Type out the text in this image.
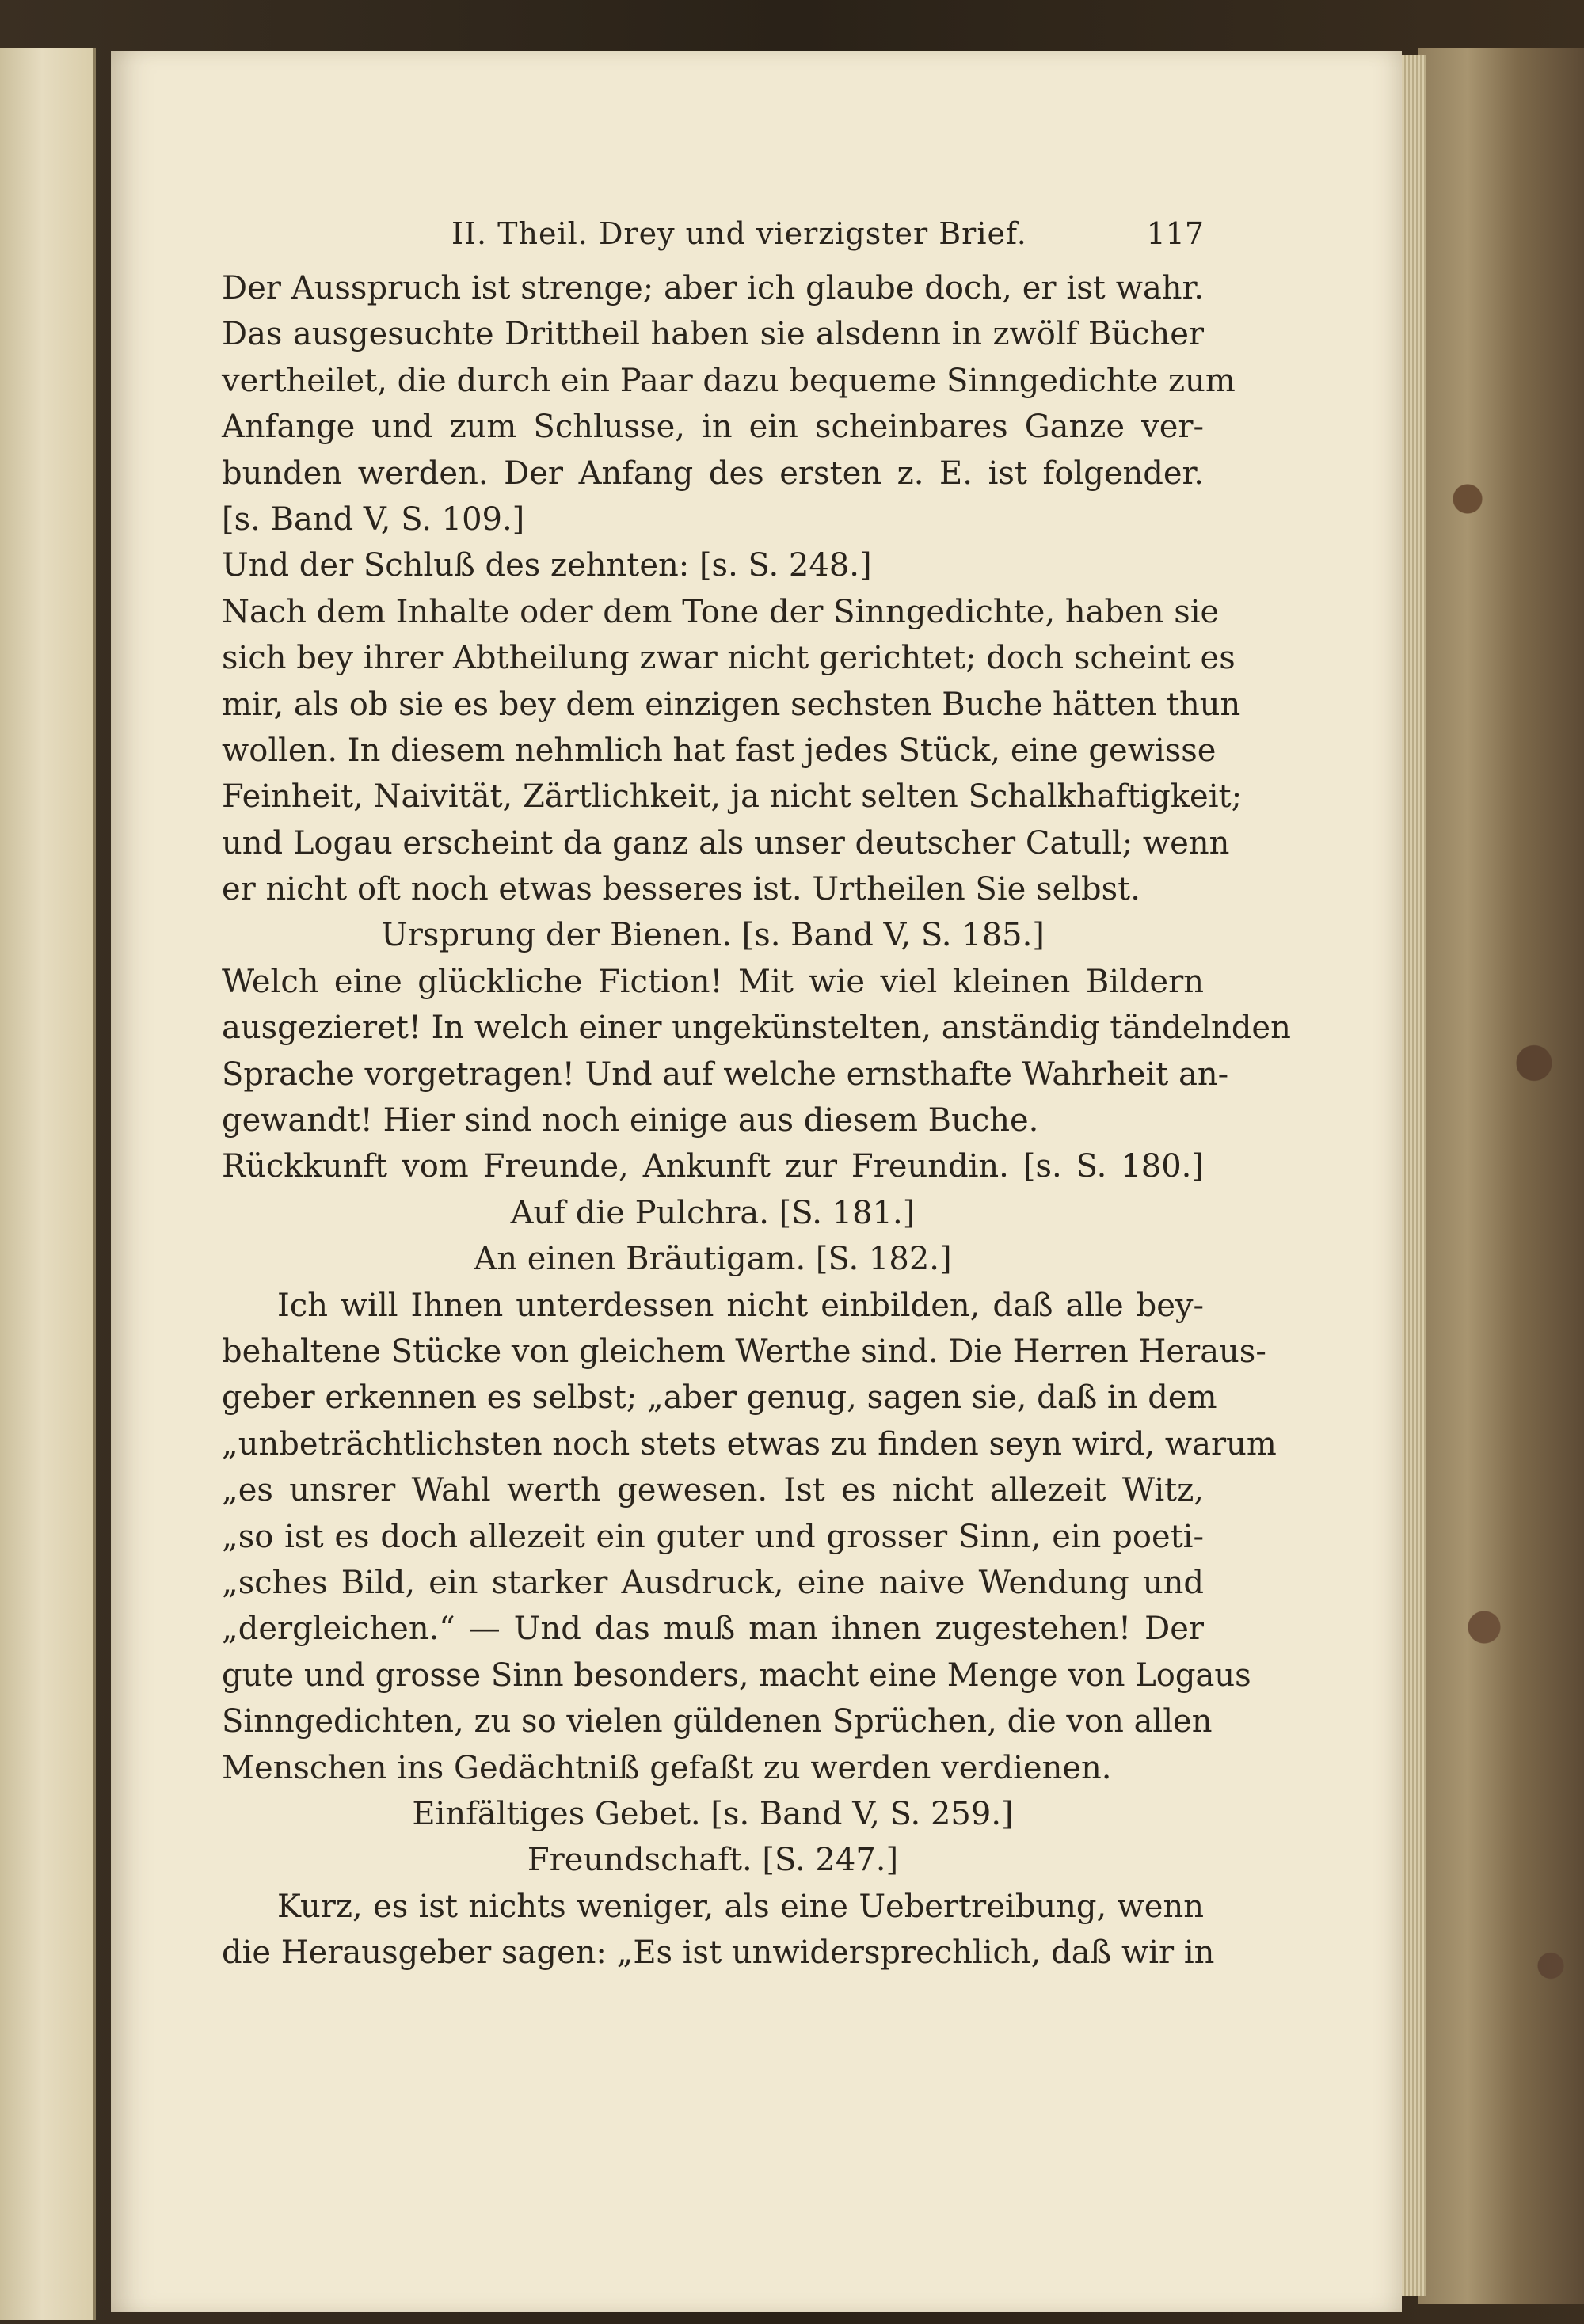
II. Theil. Drey und vierzigster Brief.	117
Der Ausspruch ist strenge; aber ich glaube doch, er ist wahr.
Das ausgesuchte Drittheil haben sie alsdenn in zwölf Bücher
vertheilet, die durch ein Paar dazu bequeme Sinngedichte zum
Anfange und zum Schlusse, in ein scheinbares Ganze ver-
bunden werden. Der Anfang des ersten z. E. ist folgender.
[s. Band V, S. 109.]
Und der Schluß des zehnten: [s. S. 248.]
Nach dem Inhalte oder dem Tone der Sinngedichte, haben sie
sich bey ihrer Abtheilung zwar nicht gerichtet; doch scheint es
mir, als ob sie es bey dem einzigen sechsten Buche hätten thun
wollen. In diesem nehmlich hat fast jedes Stück, eine gewisse
Feinheit, Naivität, Zärtlichkeit, ja nicht selten Schalkhaftigkeit;
und Logau erscheint da ganz als unser deutscher Catull; wenn
er nicht oft noch etwas besseres ist. Urtheilen Sie selbst.
Ursprung der Bienen. [s. Band V, S. 185.]
Welch eine glückliche Fiction! Mit wie viel kleinen Bildern
ausgezieret! In welch einer ungekünstelten, anständig tändelnden
Sprache vorgetragen! Und auf welche ernsthafte Wahrheit an-
gewandt! Hier sind noch einige aus diesem Buche.
Rückkunft vom Freunde, Ankunft zur Freundin. [s. S. 180.]
Auf die Pulchra. [S. 181.]
An einen Bräutigam. [S. 182.]
Ich will Ihnen unterdessen nicht einbilden, daß alle bey-
behaltene Stücke von gleichem Werthe sind. Die Herren Heraus-
geber erkennen es selbst; „aber genug, sagen sie, daß in dem
„unbeträchtlichsten noch stets etwas zu finden seyn wird, warum
„es unsrer Wahl werth gewesen. Ist es nicht allezeit Witz,
„so ist es doch allezeit ein guter und grosser Sinn, ein poeti-
„sches Bild, ein starker Ausdruck, eine naive Wendung und
„dergleichen.“ — Und das muß man ihnen zugestehen! Der
gute und grosse Sinn besonders, macht eine Menge von Logaus
Sinngedichten, zu so vielen güldenen Sprüchen, die von allen
Menschen ins Gedächtniß gefaßt zu werden verdienen.
Einfältiges Gebet. [s. Band V, S. 259.]
Freundschaft. [S. 247.]
Kurz, es ist nichts weniger, als eine Uebertreibung, wenn
die Herausgeber sagen: „Es ist unwidersprechlich, daß wir in
